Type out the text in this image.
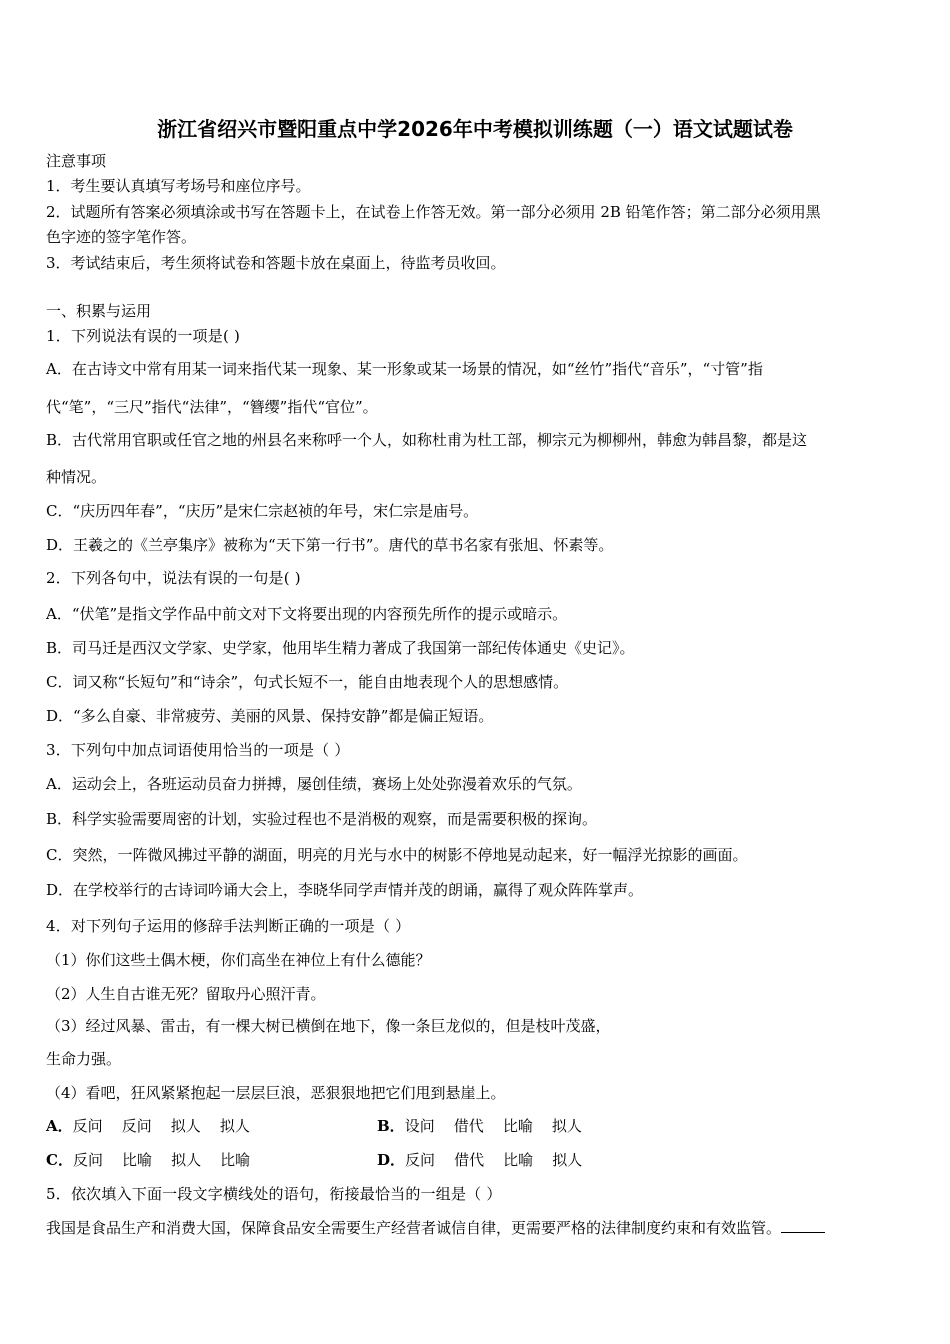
浙江省绍兴市暨阳重点中学2026年中考模拟训练题（一）语文试题试卷
注意事项
1．考生要认真填写考场号和座位序号。
2．试题所有答案必须填涂或书写在答题卡上，在试卷上作答无效。第一部分必须用 2B 铅笔作答；第二部分必须用黑
色字迹的签字笔作答。
3．考试结束后，考生须将试卷和答题卡放在桌面上，待监考员收回。
一、积累与运用
1．下列说法有误的一项是( )
A．在古诗文中常有用某一词来指代某一现象、某一形象或某一场景的情况，如“丝竹”指代“音乐”，“寸管”指
代“笔”，“三尺”指代“法律”，“簪缨”指代“官位”。
B．古代常用官职或任官之地的州县名来称呼一个人，如称杜甫为杜工部，柳宗元为柳柳州，韩愈为韩昌黎，都是这
种情况。
C．“庆历四年春”，“庆历”是宋仁宗赵祯的年号，宋仁宗是庙号。
D．王羲之的《兰亭集序》被称为“天下第一行书”。唐代的草书名家有张旭、怀素等。
2．下列各句中，说法有误的一句是( )
A．“伏笔”是指文学作品中前文对下文将要出现的内容预先所作的提示或暗示。
B．司马迁是西汉文学家、史学家，他用毕生精力著成了我国第一部纪传体通史《史记》。
C．词又称“长短句”和“诗余”，句式长短不一，能自由地表现个人的思想感情。
D．“多么自豪、非常疲劳、美丽的风景、保持安静”都是偏正短语。
3．下列句中加点词语使用恰当的一项是（ ）
A．运动会上，各班运动员奋力拼搏，屡创佳绩，赛场上处处弥漫着欢乐的气氛。
B．科学实验需要周密的计划，实验过程也不是消极的观察，而是需要积极的探询。
C．突然，一阵微风拂过平静的湖面，明亮的月光与水中的树影不停地晃动起来，好一幅浮光掠影的画面。
D．在学校举行的古诗词吟诵大会上，李晓华同学声情并茂的朗诵，赢得了观众阵阵掌声。
4．对下列句子运用的修辞手法判断正确的一项是（ ）
（1）你们这些土偶木梗，你们高坐在神位上有什么德能？
（2）人生自古谁无死？留取丹心照汗青。
（3）经过风暴、雷击，有一棵大树已横倒在地下，像一条巨龙似的，但是枝叶茂盛，
生命力强。
（4）看吧，狂风紧紧抱起一层层巨浪，恶狠狠地把它们甩到悬崖上。
A．反问    反问    拟人    拟人	B．设问    借代    比喻    拟人
C．反问    比喻    拟人    比喻	D．反问    借代    比喻    拟人
5．依次填入下面一段文字横线处的语句，衔接最恰当的一组是（ ）
我国是食品生产和消费大国，保障食品安全需要生产经营者诚信自律，更需要严格的法律制度约束和有效监管。
